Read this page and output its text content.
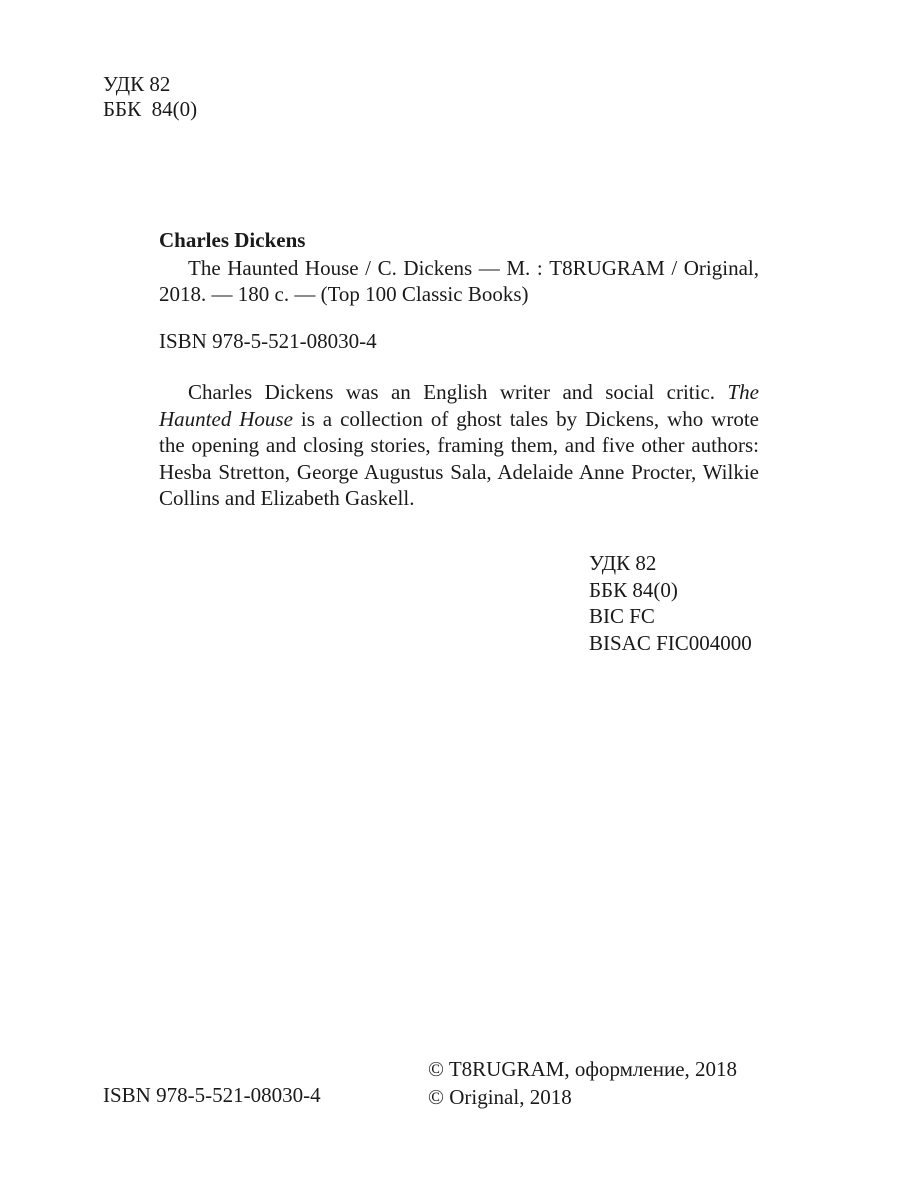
УДК 82
ББК  84(0)
Charles Dickens

The Haunted House / C. Dickens — М. : T8RUGRAM / Original, 2018. — 180 с. — (Top 100 Classic Books)

ISBN 978-5-521-08030-4

Charles Dickens was an English writer and social critic. The Haunted House is a collection of ghost tales by Dickens, who wrote the opening and closing stories, framing them, and five other authors: Hesba Stretton, George Augustus Sala, Adelaide Anne Procter, Wilkie Collins and Elizabeth Gaskell.

УДК 82
ББК 84(0)
BIC FC
BISAC FIC004000
ISBN 978-5-521-08030-4
© T8RUGRAM, оформление, 2018
© Original, 2018
